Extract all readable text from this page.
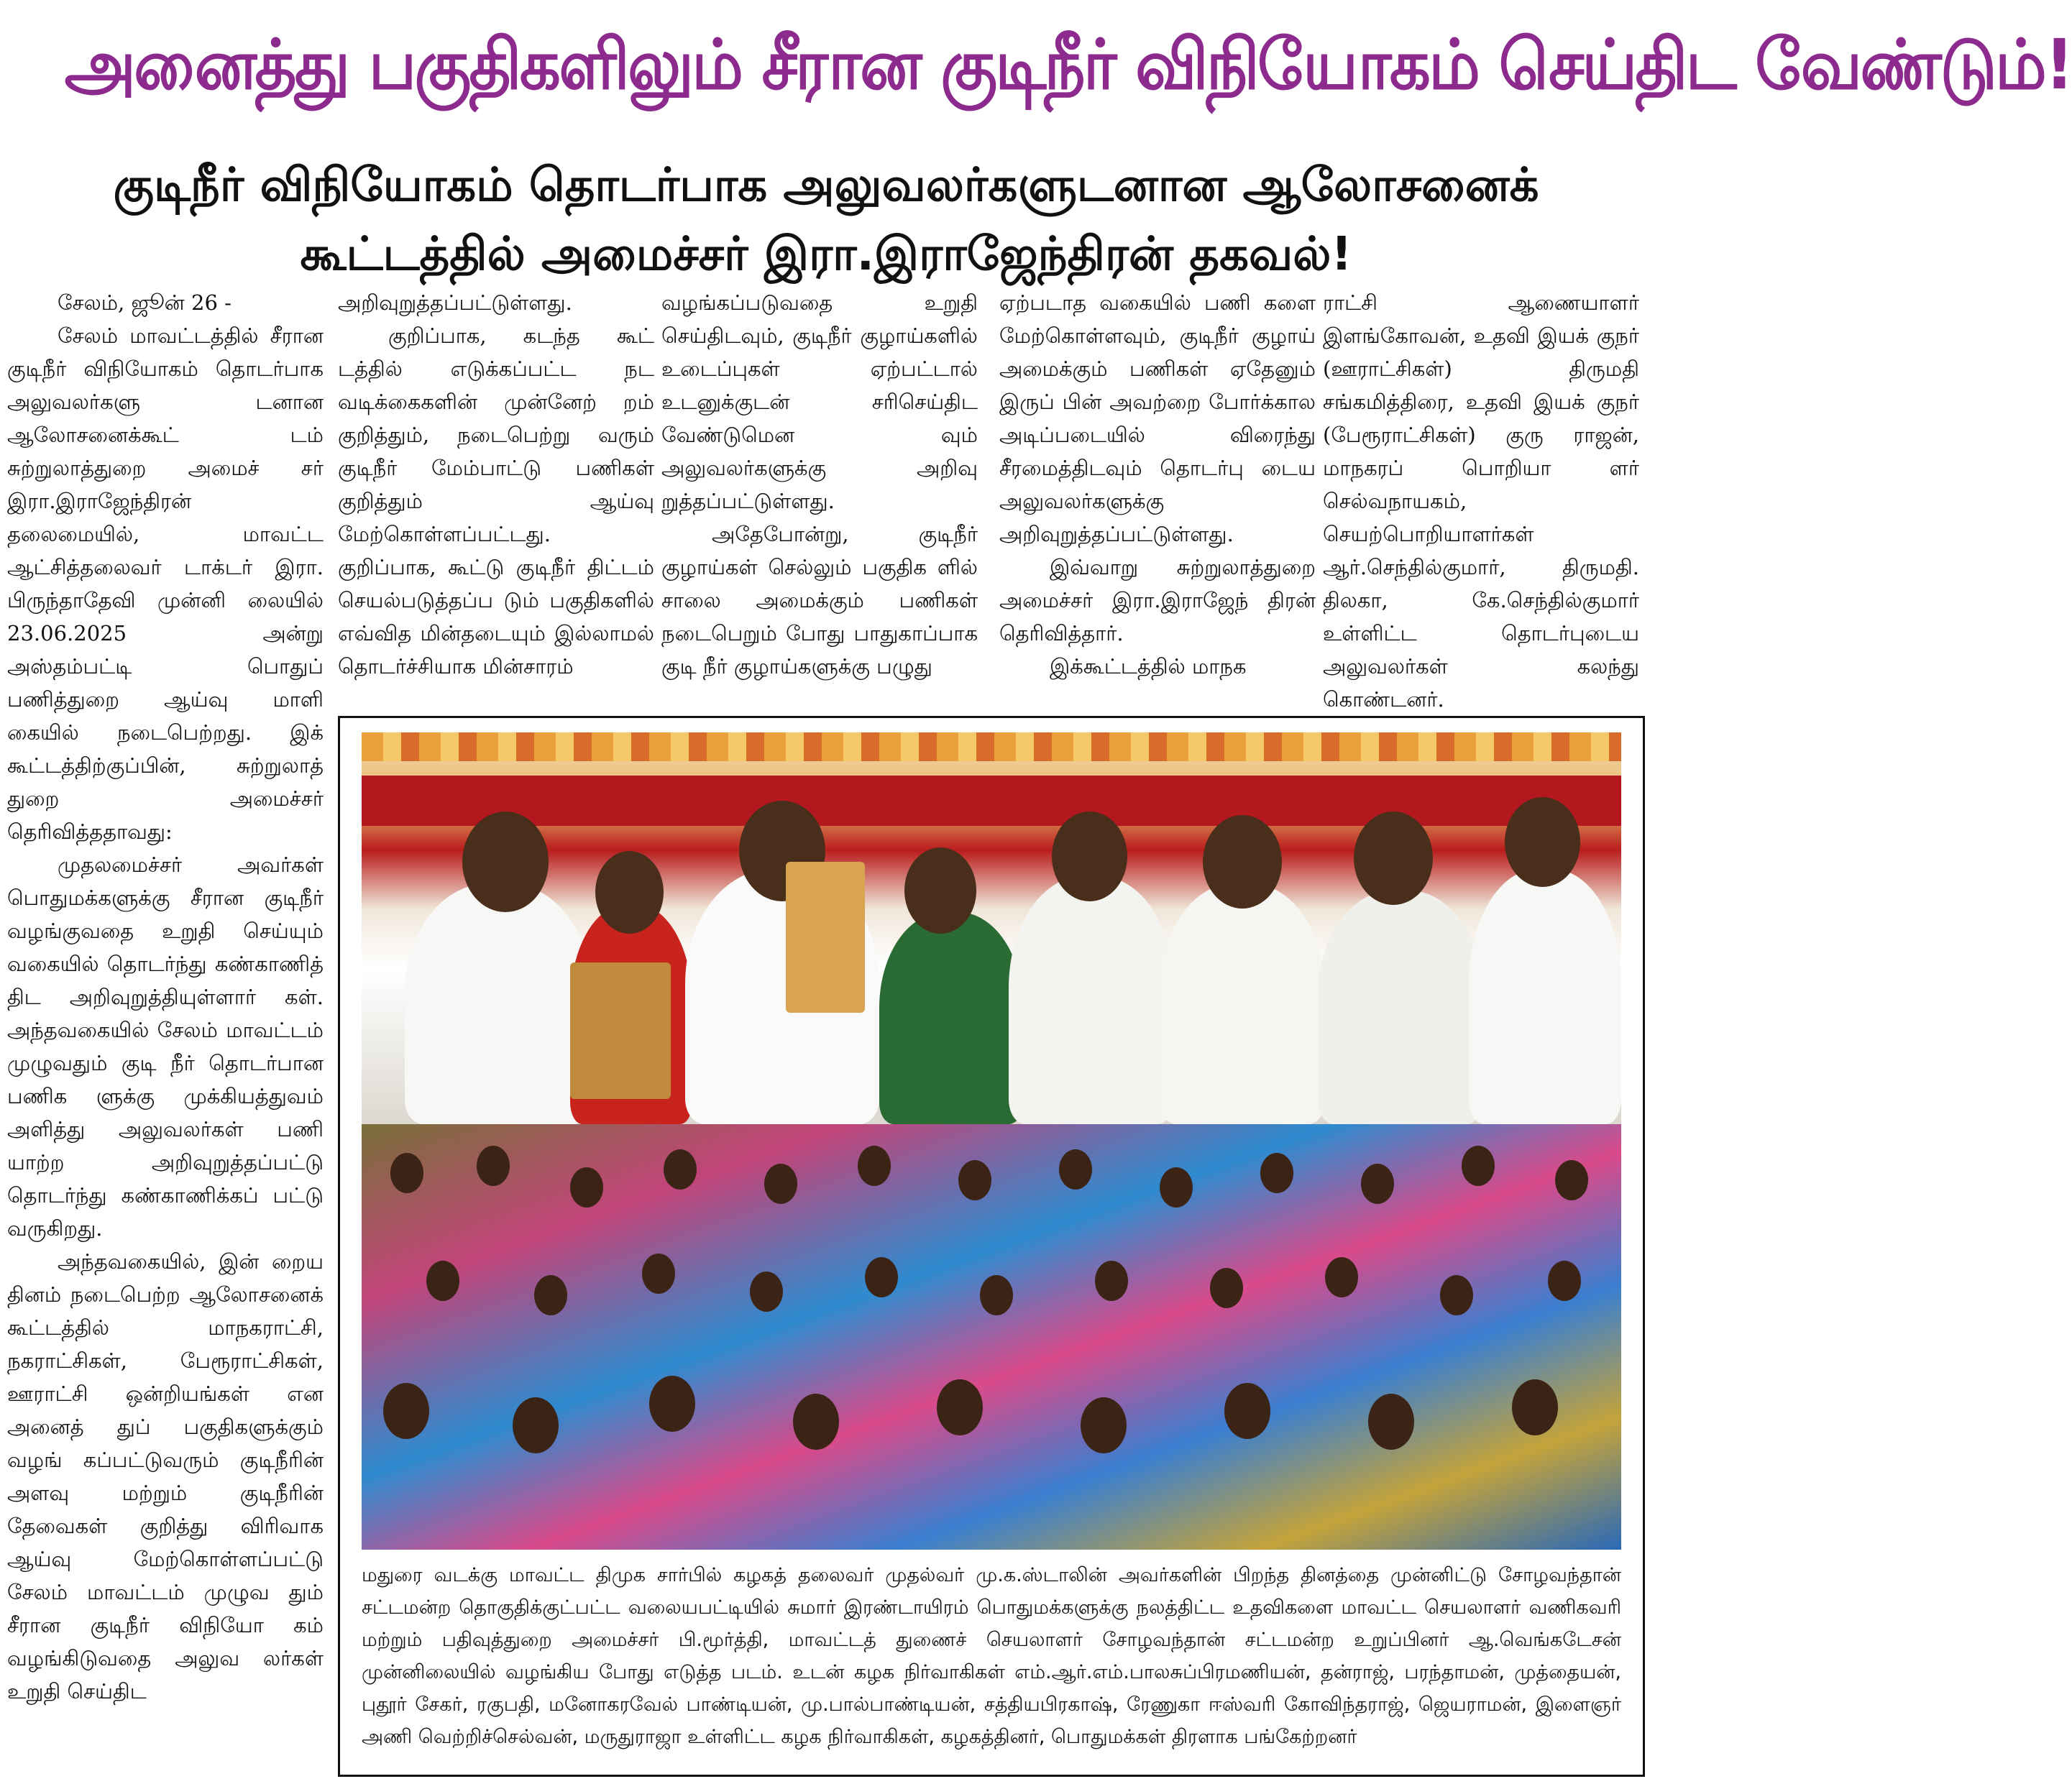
அனைத்து பகுதிகளிலும் சீரான குடிநீர் விநியோகம் செய்திட வேண்டும்!
குடிநீர் விநியோகம் தொடர்பாக அலுவலர்களுடனான ஆலோசனைக்
கூட்டத்தில் அமைச்சர் இரா.இராஜேந்திரன் தகவல்!

சேலம், ஜூன் 26 -

சேலம் மாவட்டத்தில் சீரான குடிநீர் விநியோகம் தொடர்பாக அலுவலர்களு டனான ஆலோசனைக்கூட் டம் சுற்றுலாத்துறை அமைச் சர் இரா.இராஜேந்திரன் தலைமையில், மாவட்ட ஆட்சித்தலைவர் டாக்டர் இரா. பிருந்தாதேவி முன்னி லையில் 23.06.2025 அன்று அஸ்தம்பட்டி பொதுப் பணித்துறை ஆய்வு மாளி கையில் நடைபெற்றது. இக் கூட்டத்திற்குப்பின், சுற்றுலாத் துறை அமைச்சர் தெரிவித்ததாவது:

முதலமைச்சர் அவர்கள் பொதுமக்களுக்கு சீரான குடிநீர் வழங்குவதை உறுதி செய்யும் வகையில் தொடர்ந்து கண்காணித் திட அறிவுறுத்தியுள்ளார் கள். அந்தவகையில் சேலம் மாவட்டம் முழுவதும் குடி நீர் தொடர்பான பணிக ளுக்கு முக்கியத்துவம் அளித்து அலுவலர்கள் பணி யாற்ற அறிவுறுத்தப்பட்டு தொடர்ந்து கண்காணிக்கப் பட்டு வருகிறது.

அந்தவகையில், இன் றைய தினம் நடைபெற்ற ஆலோசனைக் கூட்டத்தில் மாநகராட்சி, நகராட்சிகள், பேரூராட்சிகள், ஊராட்சி ஒன்றியங்கள் என அனைத் துப் பகுதிகளுக்கும் வழங் கப்பட்டுவரும் குடிநீரின் அளவு மற்றும் குடிநீரின் தேவைகள் குறித்து விரிவாக ஆய்வு மேற்கொள்ளப்பட்டு சேலம் மாவட்டம் முழுவ தும் சீரான குடிநீர் விநியோ கம் வழங்கிடுவதை அலுவ லர்கள் உறுதி செய்திட

அறிவுறுத்தப்பட்டுள்ளது.

குறிப்பாக, கடந்த கூட் டத்தில் எடுக்கப்பட்ட நட வடிக்கைகளின் முன்னேற் றம் குறித்தும், நடைபெற்று வரும் குடிநீர் மேம்பாட்டு பணிகள் குறித்தும் ஆய்வு மேற்கொள்ளப்பட்டது. குறிப்பாக, கூட்டு குடிநீர் திட்டம் செயல்படுத்தப்ப டும் பகுதிகளில் எவ்வித மின்தடையும் இல்லாமல் தொடர்ச்சியாக மின்சாரம்

வழங்கப்படுவதை உறுதி செய்திடவும், குடிநீர் குழாய்களில் உடைப்புகள் ஏற்பட்டால் உடனுக்குடன் சரிசெய்திட வேண்டுமென வும் அலுவலர்களுக்கு அறிவு றுத்தப்பட்டுள்ளது.

அதேபோன்று, குடிநீர் குழாய்கள் செல்லும் பகுதிக ளில் சாலை அமைக்கும் பணிகள் நடைபெறும் போது பாதுகாப்பாக குடி நீர் குழாய்களுக்கு பழுது

ஏற்படாத வகையில் பணி களை மேற்கொள்ளவும், குடிநீர் குழாய் அமைக்கும் பணிகள் ஏதேனும் இருப் பின் அவற்றை போர்க்கால அடிப்படையில் விரைந்து சீரமைத்திடவும் தொடர்பு டைய அலுவலர்களுக்கு அறிவுறுத்தப்பட்டுள்ளது.

இவ்வாறு சுற்றுலாத்துறை அமைச்சர் இரா.இராஜேந் திரன் தெரிவித்தார்.

இக்கூட்டத்தில் மாநக

ராட்சி ஆணையாளர் இளங்கோவன், உதவி இயக் குநர் (ஊராட்சிகள்) திருமதி சங்கமித்திரை, உதவி இயக் குநர் (பேரூராட்சிகள்) குரு ராஜன், மாநகரப் பொறியா ளர் செல்வநாயகம், செயற்பொறியாளர்கள் ஆர்.செந்தில்குமார், திருமதி. திலகா, கே.செந்தில்குமார் உள்ளிட்ட தொடர்புடைய அலுவலர்கள் கலந்து கொண்டனர்.

மதுரை வடக்கு மாவட்ட திமுக சார்பில் கழகத் தலைவர் முதல்வர் மு.க.ஸ்டாலின் அவர்களின் பிறந்த தினத்தை முன்னிட்டு சோழவந்தான் சட்டமன்ற தொகுதிக்குட்பட்ட வலையபட்டியில் சுமார் இரண்டாயிரம் பொதுமக்களுக்கு நலத்திட்ட உதவிகளை மாவட்ட செயலாளர் வணிகவரி மற்றும் பதிவுத்துறை அமைச்சர் பி.மூர்த்தி, மாவட்டத் துணைச் செயலாளர் சோழவந்தான் சட்டமன்ற உறுப்பினர் ஆ.வெங்கடேசன் முன்னிலையில் வழங்கிய போது எடுத்த படம். உடன் கழக நிர்வாகிகள் எம்.ஆர்.எம்.பாலசுப்பிரமணியன், தன்ராஜ், பரந்தாமன், முத்தையன், புதூர் சேகர், ரகுபதி, மனோகரவேல் பாண்டியன், மு.பால்பாண்டியன், சத்தியபிரகாஷ், ரேணுகா ஈஸ்வரி கோவிந்தராஜ், ஜெயராமன், இளைஞர் அணி வெற்றிச்செல்வன், மருதுராஜா உள்ளிட்ட கழக நிர்வாகிகள், கழகத்தினர், பொதுமக்கள் திரளாக பங்கேற்றனர்
